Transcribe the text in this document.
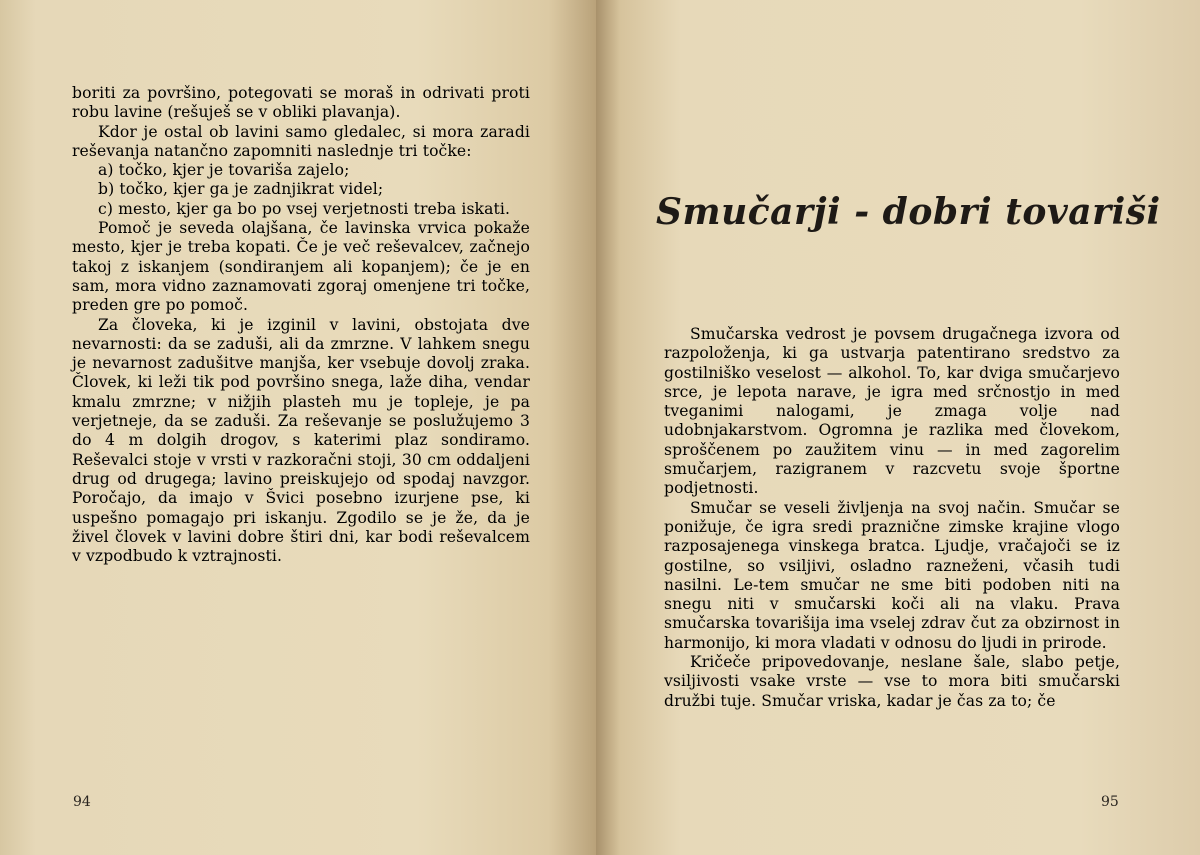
boriti za površino, potegovati se moraš in odrivati proti robu lavine (rešuješ se v obliki plavanja).

Kdor je ostal ob lavini samo gledalec, si mora zaradi reševanja natančno zapomniti naslednje tri točke:

a) točko, kjer je tovariša zajelo;

b) točko, kjer ga je zadnjikrat videl;

c) mesto, kjer ga bo po vsej verjetnosti treba iskati.

Pomoč je seveda olajšana, če lavinska vrvica pokaže mesto, kjer je treba kopati. Če je več reševalcev, začnejo takoj z iskanjem (sondiranjem ali kopanjem); če je en sam, mora vidno zaznamovati zgoraj omenjene tri točke, preden gre po pomoč.

Za človeka, ki je izginil v lavini, obstojata dve nevarnosti: da se zaduši, ali da zmrzne. V lahkem snegu je nevarnost zadušitve manjša, ker vsebuje dovolj zraka. Človek, ki leži tik pod površino snega, laže diha, vendar kmalu zmrzne; v nižjih plasteh mu je topleje, je pa verjetneje, da se zaduši. Za reševanje se poslužujemo 3 do 4 m dolgih drogov, s katerimi plaz sondiramo. Reševalci stoje v vrsti v razkoračni stoji, 30 cm oddaljeni drug od drugega; lavino preiskujejo od spodaj navzgor. Poročajo, da imajo v Švici posebno izurjene pse, ki uspešno pomagajo pri iskanju. Zgodilo se je že, da je živel človek v lavini dobre štiri dni, kar bodi reševalcem v vzpodbudo k vztrajnosti.

94
Smučarji - dobri tovariši

Smučarska vedrost je povsem drugačnega izvora od razpoloženja, ki ga ustvarja patentirano sredstvo za gostilniško veselost — alkohol. To, kar dviga smučarjevo srce, je lepota narave, je igra med srčnostjo in med tveganimi nalogami, je zmaga volje nad udobnjakarstvom. Ogromna je razlika med človekom, sproščenem po zaužitem vinu — in med zagorelim smučarjem, razigranem v razcvetu svoje športne podjetnosti.

Smučar se veseli življenja na svoj način. Smučar se ponižuje, če igra sredi praznične zimske krajine vlogo razposajenega vinskega bratca. Ljudje, vračajoči se iz gostilne, so vsiljivi, osladno razneženi, včasih tudi nasilni. Le-tem smučar ne sme biti podoben niti na snegu niti v smučarski koči ali na vlaku. Prava smučarska tovarišija ima vselej zdrav čut za obzirnost in harmonijo, ki mora vladati v odnosu do ljudi in prirode.

Kričeče pripovedovanje, neslane šale, slabo petje, vsiljivosti vsake vrste — vse to mora biti smučarski družbi tuje. Smučar vriska, kadar je čas za to; če

95
